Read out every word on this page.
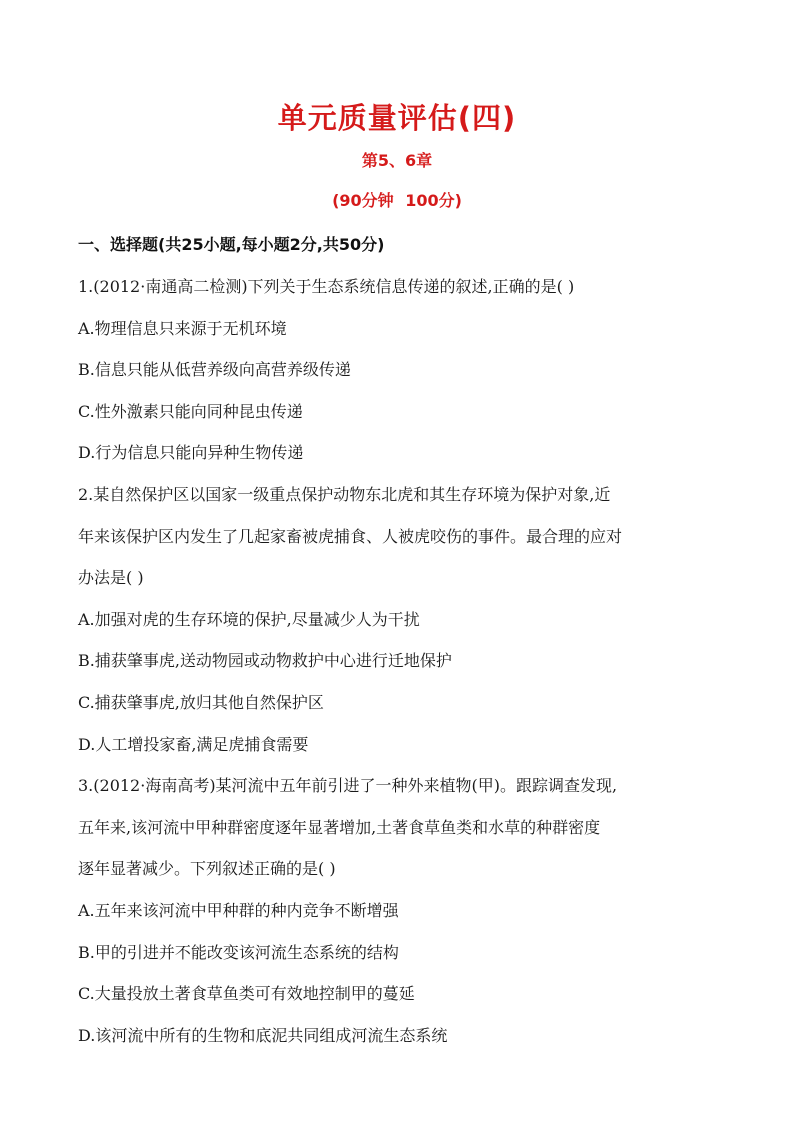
单元质量评估(四)
第5、6章
(90分钟 100分)
一、选择题(共25小题,每小题2分,共50分)
1.(2012·南通高二检测)下列关于生态系统信息传递的叙述,正确的是( )
A.物理信息只来源于无机环境
B.信息只能从低营养级向高营养级传递
C.性外激素只能向同种昆虫传递
D.行为信息只能向异种生物传递
2.某自然保护区以国家一级重点保护动物东北虎和其生存环境为保护对象,近
年来该保护区内发生了几起家畜被虎捕食、人被虎咬伤的事件。最合理的应对
办法是( )
A.加强对虎的生存环境的保护,尽量减少人为干扰
B.捕获肇事虎,送动物园或动物救护中心进行迁地保护
C.捕获肇事虎,放归其他自然保护区
D.人工增投家畜,满足虎捕食需要
3.(2012·海南高考)某河流中五年前引进了一种外来植物(甲)。跟踪调查发现,
五年来,该河流中甲种群密度逐年显著增加,土著食草鱼类和水草的种群密度
逐年显著减少。下列叙述正确的是( )
A.五年来该河流中甲种群的种内竞争不断增强
B.甲的引进并不能改变该河流生态系统的结构
C.大量投放土著食草鱼类可有效地控制甲的蔓延
D.该河流中所有的生物和底泥共同组成河流生态系统
